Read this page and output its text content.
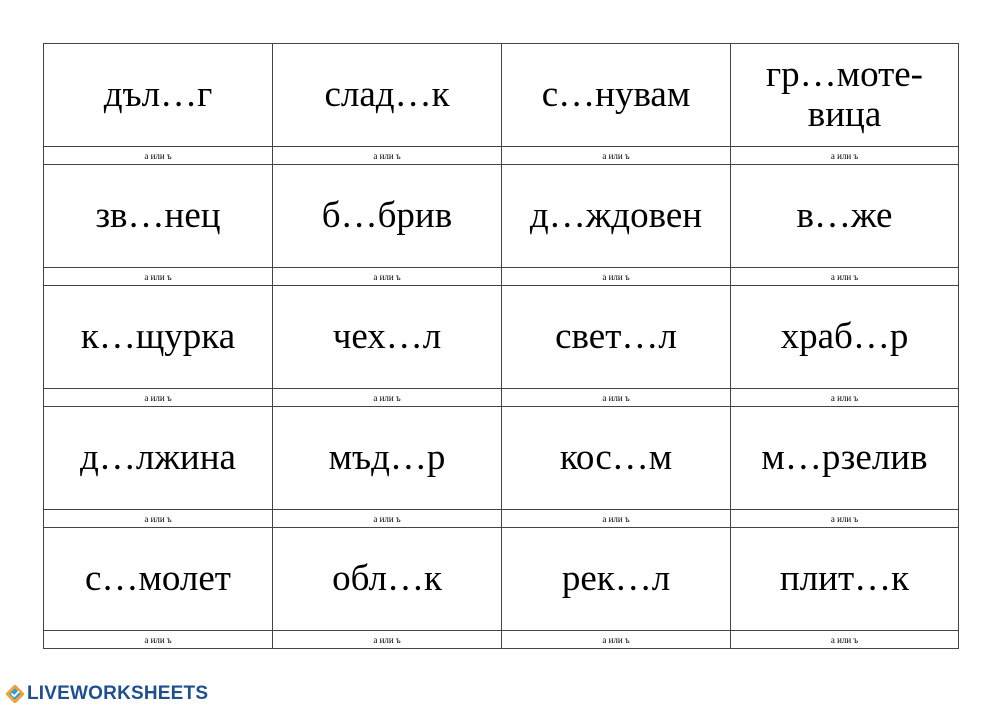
дъл…г	слад…к	с…нувам	гр…моте-вица
а или ъ	а или ъ	а или ъ	а или ъ
зв…нец	б…брив	д…ждовен	в…же
а или ъ	а или ъ	а или ъ	а или ъ
к…щурка	чех…л	свет…л	храб…р
а или ъ	а или ъ	а или ъ	а или ъ
д…лжина	мъд…р	кос…м	м…рзелив
а или ъ	а или ъ	а или ъ	а или ъ
с…молет	обл…к	рек…л	плит…к
а или ъ	а или ъ	а или ъ	а или ъ
LIVEWORKSHEETS
